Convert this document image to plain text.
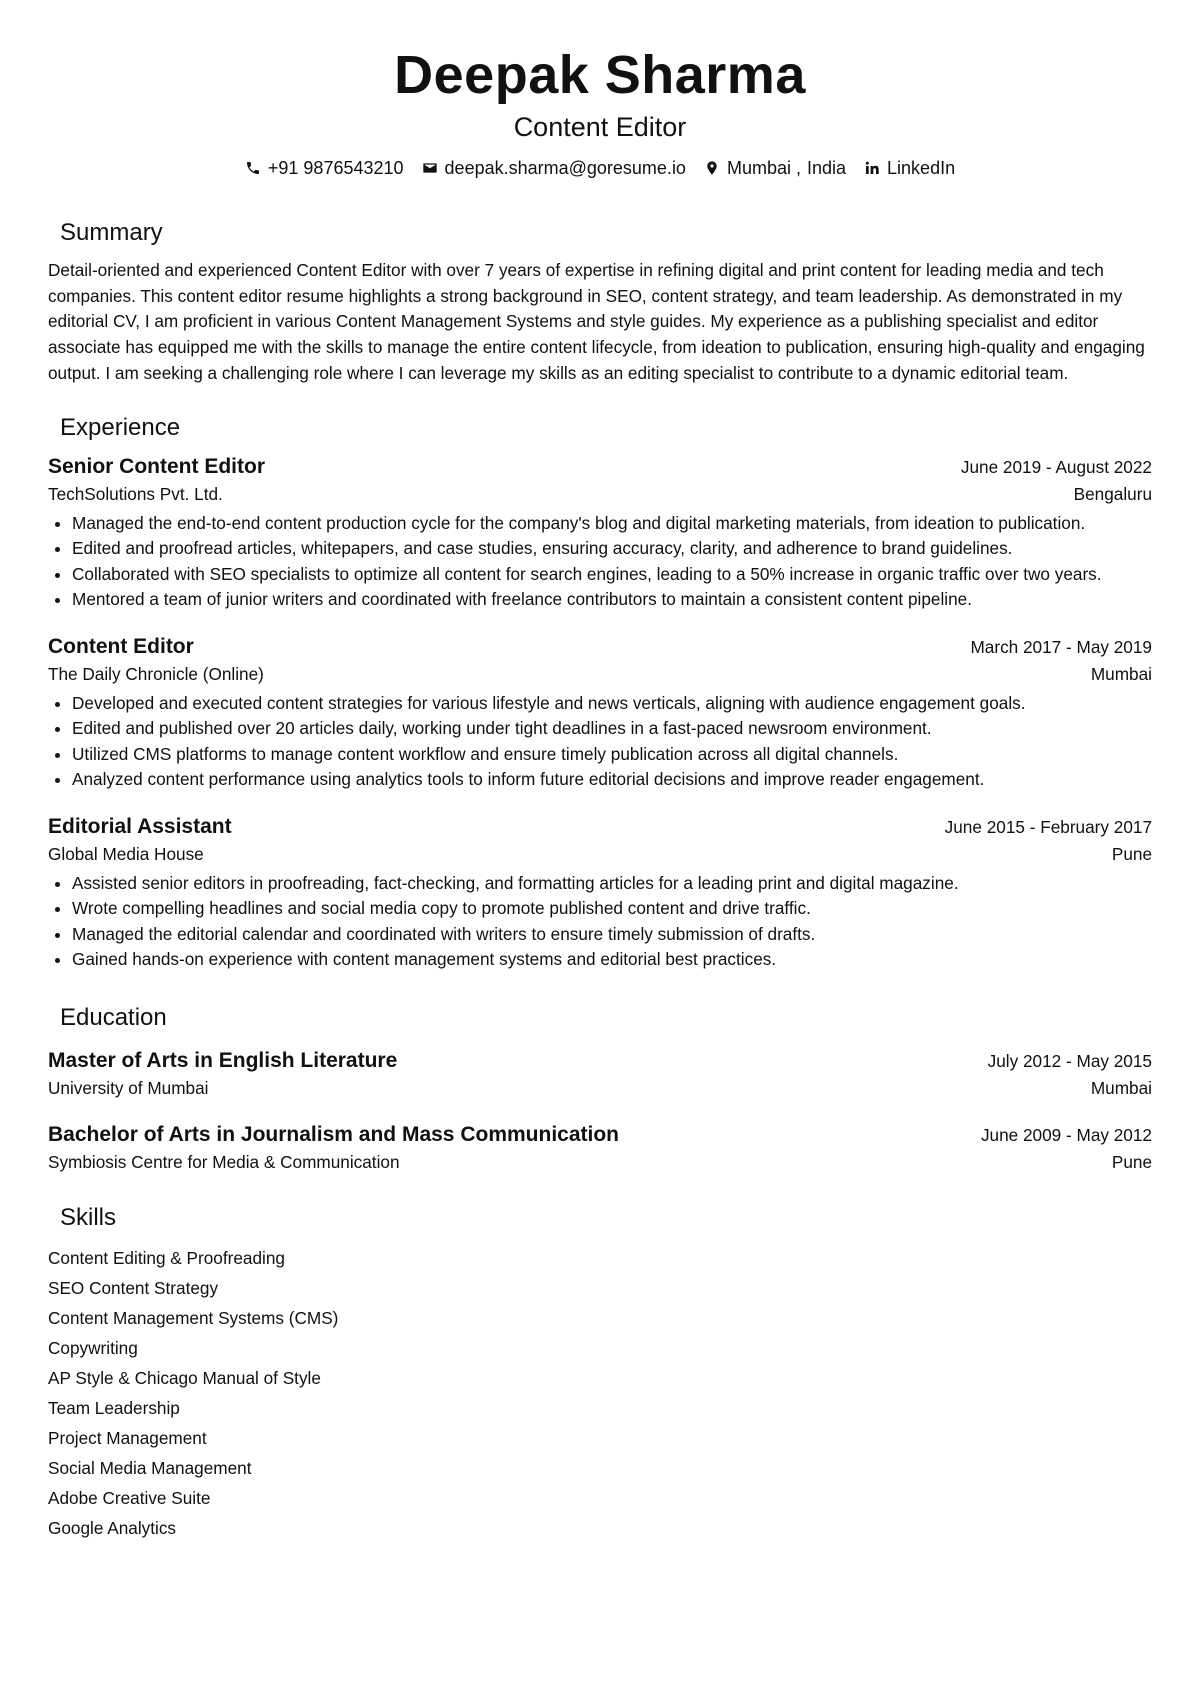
Deepak Sharma
Content Editor
+91 9876543210 deepak.sharma@goresume.io Mumbai , India LinkedIn
Summary

Detail-oriented and experienced Content Editor with over 7 years of expertise in refining digital and print content for leading media and tech companies. This content editor resume highlights a strong background in SEO, content strategy, and team leadership. As demonstrated in my editorial CV, I am proficient in various Content Management Systems and style guides. My experience as a publishing specialist and editor associate has equipped me with the skills to manage the entire content lifecycle, from ideation to publication, ensuring high-quality and engaging output. I am seeking a challenging role where I can leverage my skills as an editing specialist to contribute to a dynamic editorial team.

Experience
Senior Content Editor	June 2019 - August 2022
TechSolutions Pvt. Ltd.	Bengaluru
• Managed the end-to-end content production cycle for the company's blog and digital marketing materials, from ideation to publication.
• Edited and proofread articles, whitepapers, and case studies, ensuring accuracy, clarity, and adherence to brand guidelines.
• Collaborated with SEO specialists to optimize all content for search engines, leading to a 50% increase in organic traffic over two years.
• Mentored a team of junior writers and coordinated with freelance contributors to maintain a consistent content pipeline.
Content Editor	March 2017 - May 2019
The Daily Chronicle (Online)	Mumbai
• Developed and executed content strategies for various lifestyle and news verticals, aligning with audience engagement goals.
• Edited and published over 20 articles daily, working under tight deadlines in a fast-paced newsroom environment.
• Utilized CMS platforms to manage content workflow and ensure timely publication across all digital channels.
• Analyzed content performance using analytics tools to inform future editorial decisions and improve reader engagement.
Editorial Assistant	June 2015 - February 2017
Global Media House	Pune
• Assisted senior editors in proofreading, fact-checking, and formatting articles for a leading print and digital magazine.
• Wrote compelling headlines and social media copy to promote published content and drive traffic.
• Managed the editorial calendar and coordinated with writers to ensure timely submission of drafts.
• Gained hands-on experience with content management systems and editorial best practices.
Education
Master of Arts in English Literature	July 2012 - May 2015
University of Mumbai	Mumbai
Bachelor of Arts in Journalism and Mass Communication	June 2009 - May 2012
Symbiosis Centre for Media & Communication	Pune
Skills
Content Editing & Proofreading
SEO Content Strategy
Content Management Systems (CMS)
Copywriting
AP Style & Chicago Manual of Style
Team Leadership
Project Management
Social Media Management
Adobe Creative Suite
Google Analytics
